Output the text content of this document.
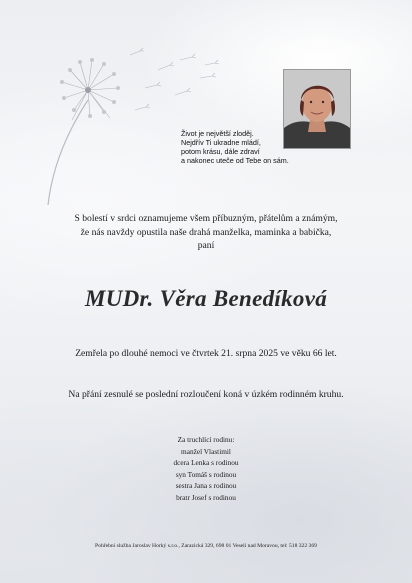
Život je největší zloděj.
Nejdřív Ti ukradne mládí,
potom krásu, dále zdraví
a nakonec uteče od Tebe on sám.
S bolestí v srdci oznamujeme všem příbuzným, přátelům a známým,
že nás navždy opustila naše drahá manželka, maminka a babička,
paní
MUDr. Věra Benedíková
Zemřela po dlouhé nemoci ve čtvrtek 21. srpna 2025 ve věku 66 let.
Na přání zesnulé se poslední rozloučení koná v úzkém rodinném kruhu.
Za truchlící rodinu:
manžel Vlastimil
dcera Lenka s rodinou
syn Tomáš s rodinou
sestra Jana s rodinou
bratr Josef s rodinou
Pohřební služba Jaroslav Horký s.r.o., Zarazická 329, 698 01 Veselí nad Moravou, tel: 518 322 369
